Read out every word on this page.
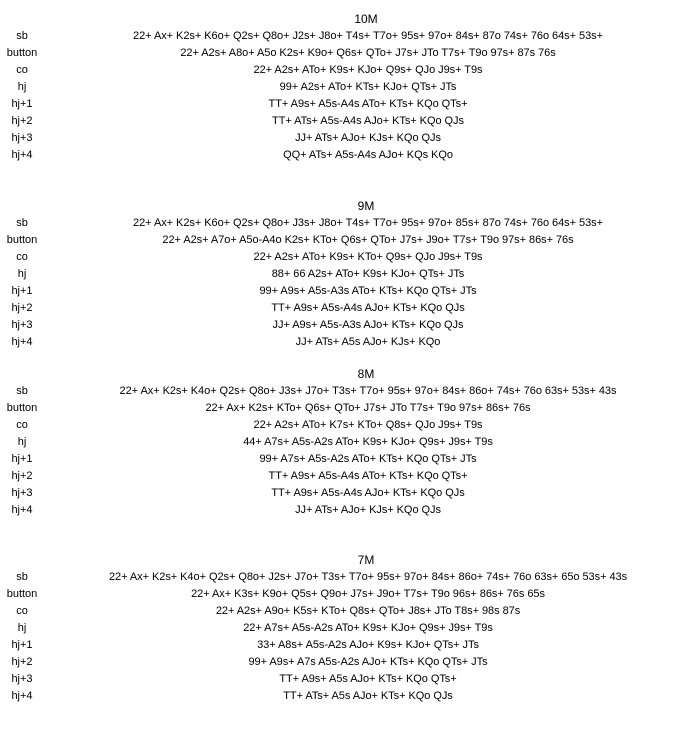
10M
sb	22+ Ax+ K2s+ K6o+ Q2s+ Q8o+ J2s+ J8o+ T4s+ T7o+ 95s+ 97o+ 84s+ 87o 74s+ 76o 64s+ 53s+
button	22+ A2s+ A8o+ A5o K2s+ K9o+ Q6s+ QTo+ J7s+ JTo T7s+ T9o 97s+ 87s 76s
co	22+ A2s+ ATo+ K9s+ KJo+ Q9s+ QJo J9s+ T9s
hj	99+ A2s+ ATo+ KTs+ KJo+ QTs+ JTs
hj+1	TT+ A9s+ A5s-A4s ATo+ KTs+ KQo QTs+
hj+2	TT+ ATs+ A5s-A4s AJo+ KTs+ KQo QJs
hj+3	JJ+ ATs+ AJo+ KJs+ KQo QJs
hj+4	QQ+ ATs+ A5s-A4s AJo+ KQs KQo
9M
sb	22+ Ax+ K2s+ K6o+ Q2s+ Q8o+ J3s+ J8o+ T4s+ T7o+ 95s+ 97o+ 85s+ 87o 74s+ 76o 64s+ 53s+
button	22+ A2s+ A7o+ A5o-A4o K2s+ KTo+ Q6s+ QTo+ J7s+ J9o+ T7s+ T9o 97s+ 86s+ 76s
co	22+ A2s+ ATo+ K9s+ KTo+ Q9s+ QJo J9s+ T9s
hj	88+ 66 A2s+ ATo+ K9s+ KJo+ QTs+ JTs
hj+1	99+ A9s+ A5s-A3s ATo+ KTs+ KQo QTs+ JTs
hj+2	TT+ A9s+ A5s-A4s AJo+ KTs+ KQo QJs
hj+3	JJ+ A9s+ A5s-A3s AJo+ KTs+ KQo QJs
hj+4	JJ+ ATs+ A5s AJo+ KJs+ KQo
8M
sb	22+ Ax+ K2s+ K4o+ Q2s+ Q8o+ J3s+ J7o+ T3s+ T7o+ 95s+ 97o+ 84s+ 86o+ 74s+ 76o 63s+ 53s+ 43s
button	22+ Ax+ K2s+ KTo+ Q6s+ QTo+ J7s+ JTo T7s+ T9o 97s+ 86s+ 76s
co	22+ A2s+ ATo+ K7s+ KTo+ Q8s+ QJo J9s+ T9s
hj	44+ A7s+ A5s-A2s ATo+ K9s+ KJo+ Q9s+ J9s+ T9s
hj+1	99+ A7s+ A5s-A2s ATo+ KTs+ KQo QTs+ JTs
hj+2	TT+ A9s+ A5s-A4s ATo+ KTs+ KQo QTs+
hj+3	TT+ A9s+ A5s-A4s AJo+ KTs+ KQo QJs
hj+4	JJ+ ATs+ AJo+ KJs+ KQo QJs
7M
sb	22+ Ax+ K2s+ K4o+ Q2s+ Q8o+ J2s+ J7o+ T3s+ T7o+ 95s+ 97o+ 84s+ 86o+ 74s+ 76o 63s+ 65o 53s+ 43s
button	22+ Ax+ K3s+ K9o+ Q5s+ Q9o+ J7s+ J9o+ T7s+ T9o 96s+ 86s+ 76s 65s
co	22+ A2s+ A9o+ K5s+ KTo+ Q8s+ QTo+ J8s+ JTo T8s+ 98s 87s
hj	22+ A7s+ A5s-A2s ATo+ K9s+ KJo+ Q9s+ J9s+ T9s
hj+1	33+ A8s+ A5s-A2s AJo+ K9s+ KJo+ QTs+ JTs
hj+2	99+ A9s+ A7s A5s-A2s AJo+ KTs+ KQo QTs+ JTs
hj+3	TT+ A9s+ A5s AJo+ KTs+ KQo QTs+
hj+4	TT+ ATs+ A5s AJo+ KTs+ KQo QJs
